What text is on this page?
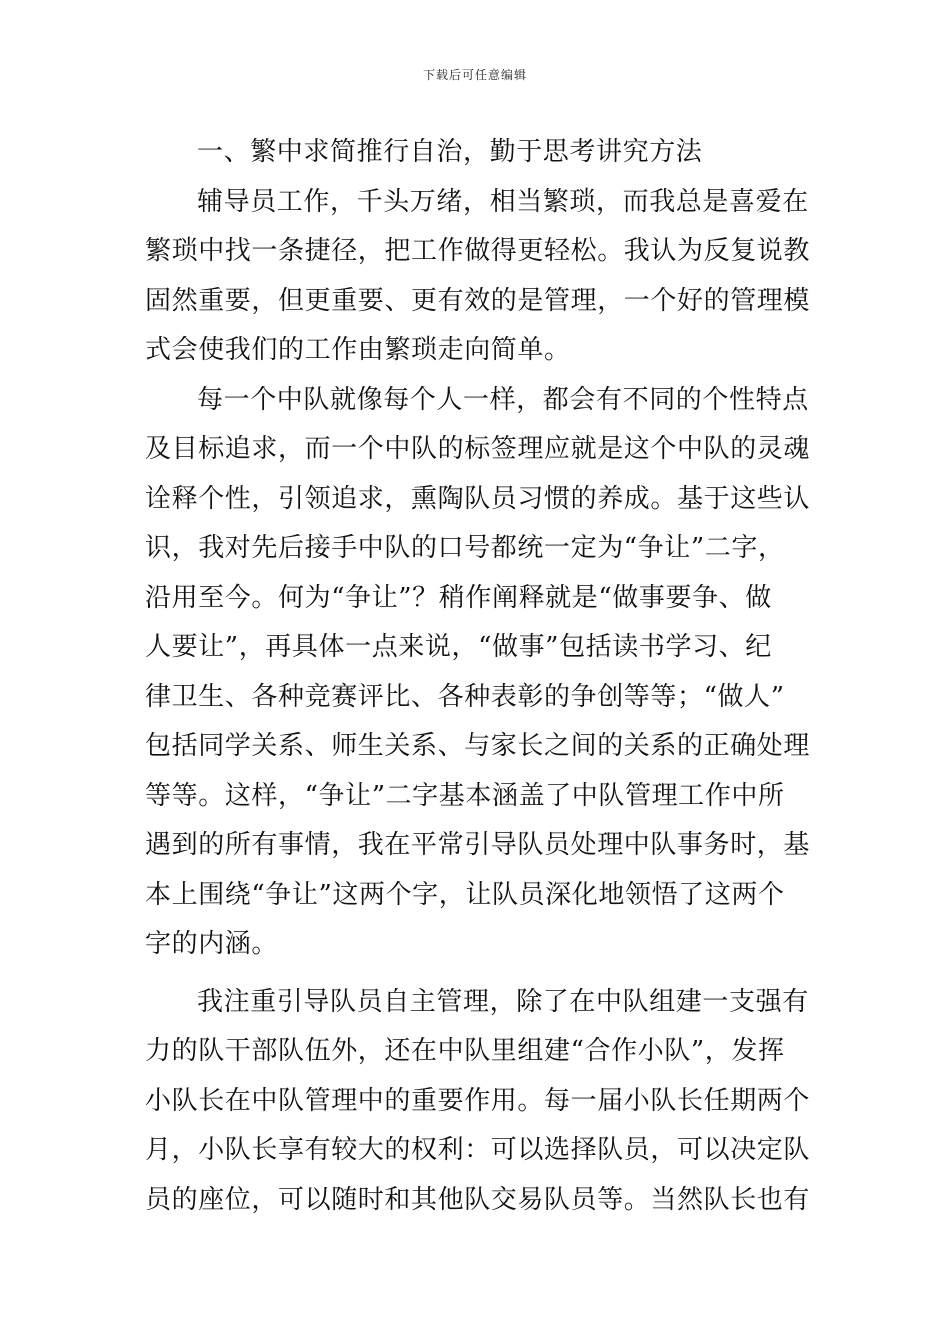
下载后可任意编辑
一、繁中求简推行自治，勤于思考讲究方法
辅导员工作，千头万绪，相当繁琐，而我总是喜爱在
繁琐中找一条捷径，把工作做得更轻松。我认为反复说教
固然重要，但更重要、更有效的是管理，一个好的管理模
式会使我们的工作由繁琐走向简单。
每一个中队就像每个人一样，都会有不同的个性特点
及目标追求，而一个中队的标签理应就是这个中队的灵魂
诠释个性，引领追求，熏陶队员习惯的养成。基于这些认
识，我对先后接手中队的口号都统一定为“争让”二字，
沿用至今。何为“争让”？稍作阐释就是“做事要争、做
人要让”，再具体一点来说，“做事”包括读书学习、纪
律卫生、各种竞赛评比、各种表彰的争创等等；“做人”
包括同学关系、师生关系、与家长之间的关系的正确处理
等等。这样，“争让”二字基本涵盖了中队管理工作中所
遇到的所有事情，我在平常引导队员处理中队事务时，基
本上围绕“争让”这两个字，让队员深化地领悟了这两个
字的内涵。
我注重引导队员自主管理，除了在中队组建一支强有
力的队干部队伍外，还在中队里组建“合作小队”，发挥
小队长在中队管理中的重要作用。每一届小队长任期两个
月，小队长享有较大的权利：可以选择队员，可以决定队
员的座位，可以随时和其他队交易队员等。当然队长也有
